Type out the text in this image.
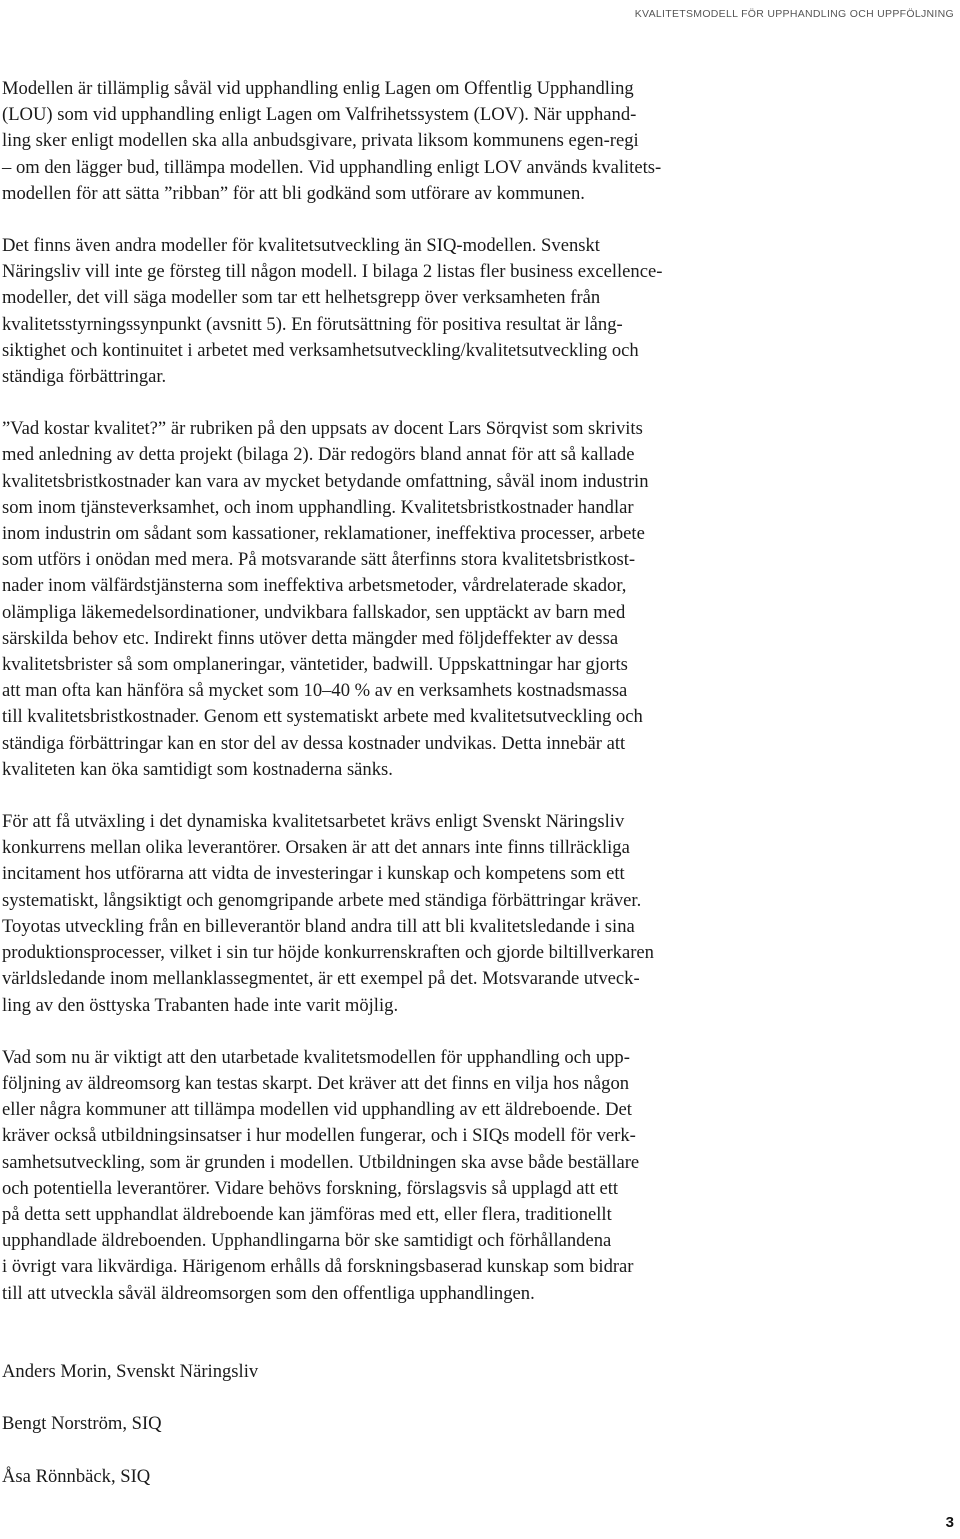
KVALITETSMODELL FÖR UPPHANDLING OCH UPPFÖLJNING

Modellen är tillämplig såväl vid upphandling enlig Lagen om Offentlig Upphandling
(LOU) som vid upphandling enligt Lagen om Valfrihetssystem (LOV). När upphand-
ling sker enligt modellen ska alla anbudsgivare, privata liksom kommunens egen-regi
– om den lägger bud, tillämpa modellen. Vid upphandling enligt LOV används kvalitets-
modellen för att sätta ”ribban” för att bli godkänd som utförare av kommunen.

Det finns även andra modeller för kvalitetsutveckling än SIQ-modellen. Svenskt
Näringsliv vill inte ge försteg till någon modell. I bilaga 2 listas fler business excellence-
modeller, det vill säga modeller som tar ett helhetsgrepp över verksamheten från
kvalitetsstyrningssynpunkt (avsnitt 5). En förutsättning för positiva resultat är lång-
siktighet och kontinuitet i arbetet med verksamhetsutveckling/kvalitetsutveckling och
ständiga förbättringar.

”Vad kostar kvalitet?” är rubriken på den uppsats av docent Lars Sörqvist som skrivits
med anledning av detta projekt (bilaga 2). Där redogörs bland annat för att så kallade
kvalitetsbristkostnader kan vara av mycket betydande omfattning, såväl inom industrin
som inom tjänsteverksamhet, och inom upphandling. Kvalitetsbristkostnader handlar
inom industrin om sådant som kassationer, reklamationer, ineffektiva processer, arbete
som utförs i onödan med mera. På motsvarande sätt återfinns stora kvalitetsbristkost-
nader inom välfärdstjänsterna som ineffektiva arbetsmetoder, vårdrelaterade skador,
olämpliga läkemedelsordinationer, undvikbara fallskador, sen upptäckt av barn med
särskilda behov etc. Indirekt finns utöver detta mängder med följdeffekter av dessa
kvalitetsbrister så som omplaneringar, väntetider, badwill. Uppskattningar har gjorts
att man ofta kan hänföra så mycket som 10–40 % av en verksamhets kostnadsmassa
till kvalitetsbristkostnader. Genom ett systematiskt arbete med kvalitetsutveckling och
ständiga förbättringar kan en stor del av dessa kostnader undvikas. Detta innebär att
kvaliteten kan öka samtidigt som kostnaderna sänks.

För att få utväxling i det dynamiska kvalitetsarbetet krävs enligt Svenskt Näringsliv
konkurrens mellan olika leverantörer. Orsaken är att det annars inte finns tillräckliga
incitament hos utförarna att vidta de investeringar i kunskap och kompetens som ett
systematiskt, långsiktigt och genomgripande arbete med ständiga förbättringar kräver.
Toyotas utveckling från en billeverantör bland andra till att bli kvalitetsledande i sina
produktionsprocesser, vilket i sin tur höjde konkurrenskraften och gjorde biltillverkaren
världsledande inom mellanklassegmentet, är ett exempel på det. Motsvarande utveck-
ling av den östtyska Trabanten hade inte varit möjlig.

Vad som nu är viktigt att den utarbetade kvalitetsmodellen för upphandling och upp-
följning av äldreomsorg kan testas skarpt. Det kräver att det finns en vilja hos någon
eller några kommuner att tillämpa modellen vid upphandling av ett äldreboende. Det
kräver också utbildningsinsatser i hur modellen fungerar, och i SIQs modell för verk-
samhetsutveckling, som är grunden i modellen. Utbildningen ska avse både beställare
och potentiella leverantörer. Vidare behövs forskning, förslagsvis så upplagd att ett
på detta sett upphandlat äldreboende kan jämföras med ett, eller flera, traditionellt
upphandlade äldreboenden. Upphandlingarna bör ske samtidigt och förhållandena
i övrigt vara likvärdiga. Härigenom erhålls då forskningsbaserad kunskap som bidrar
till att utveckla såväl äldreomsorgen som den offentliga upphandlingen.

Anders Morin, Svenskt Näringsliv

Bengt Norström, SIQ

Åsa Rönnbäck, SIQ

3
